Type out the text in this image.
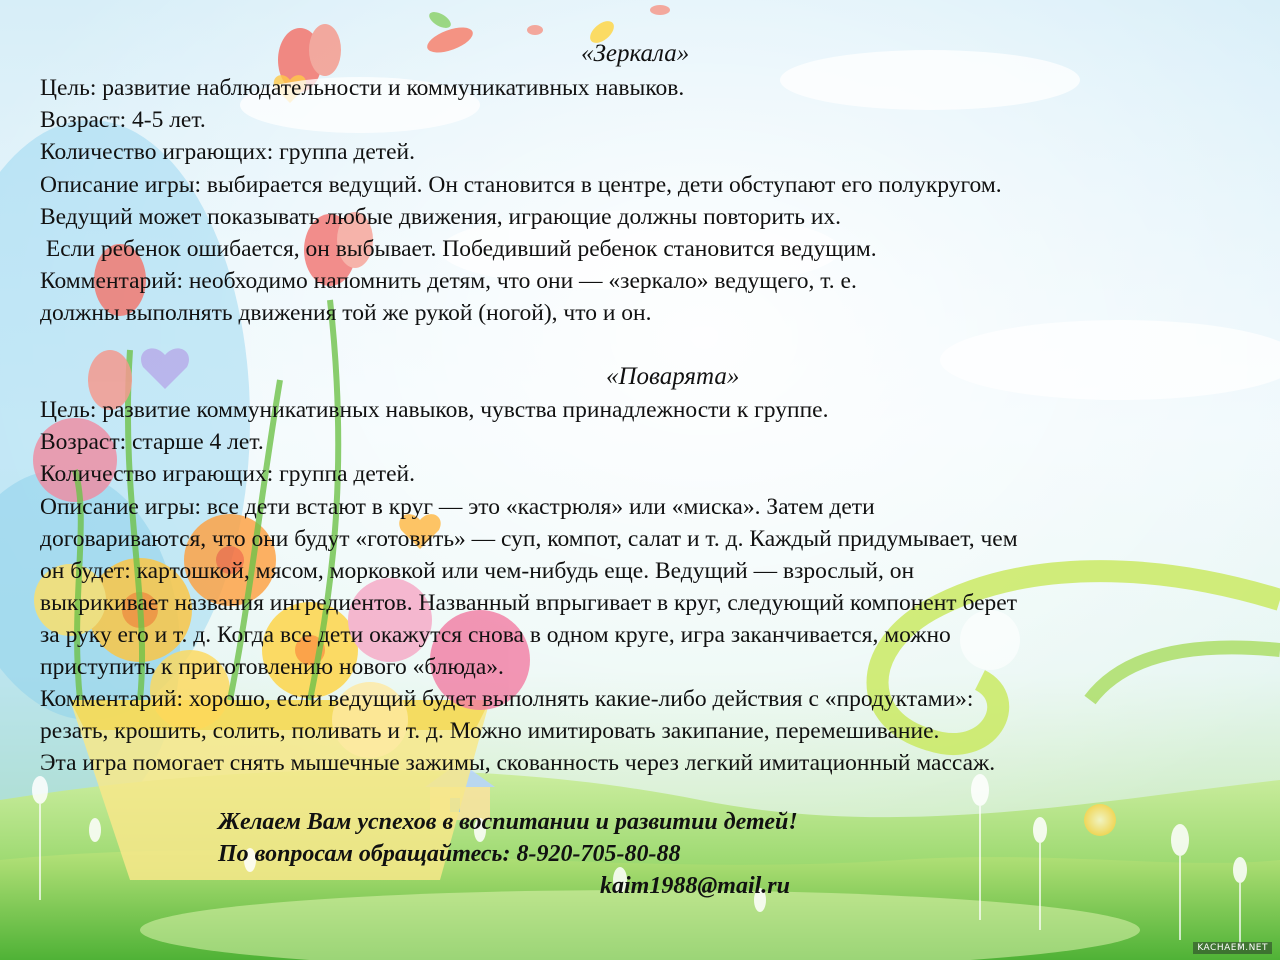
«Зеркала»
Цель: развитие наблюдательности и коммуникативных навыков.
Возраст: 4-5 лет.
Количество играющих: группа детей.
Описание игры: выбирается ведущий. Он становится в центре, дети обступают его полукругом.
Ведущий может показывать любые движения, играющие должны повторить их.
Если ребенок ошибается, он выбывает. Победивший ребенок становится ведущим.
Комментарий: необходимо напомнить детям, что они — «зеркало» ведущего, т. е.
должны выполнять движения той же рукой (ногой), что и он.
«Поварята»
Цель: развитие коммуникативных навыков, чувства принадлежности к группе.
Возраст: старше 4 лет.
Количество играющих: группа детей.
Описание игры: все дети встают в круг — это «кастрюля» или «миска». Затем дети
договариваются, что они будут «готовить» — суп, компот, салат и т. д. Каждый придумывает, чем
он будет: картошкой, мясом, морковкой или чем-нибудь еще. Ведущий — взрослый, он
выкрикивает названия ингредиентов. Названный впрыгивает в круг, следующий компонент берет
за руку его и т. д. Когда все дети окажутся снова в одном круге, игра заканчивается, можно
приступить к приготовлению нового «блюда».
Комментарий: хорошо, если ведущий будет выполнять какие-либо действия с «продуктами»:
резать, крошить, солить, поливать и т. д. Можно имитировать закипание, перемешивание.
Эта игра помогает снять мышечные зажимы, скованность через легкий имитационный массаж.
Желаем Вам успехов в воспитании и развитии детей!
По вопросам обращайтесь: 8-920-705-80-88
kaim1988@mail.ru
KACHAEM.NET
